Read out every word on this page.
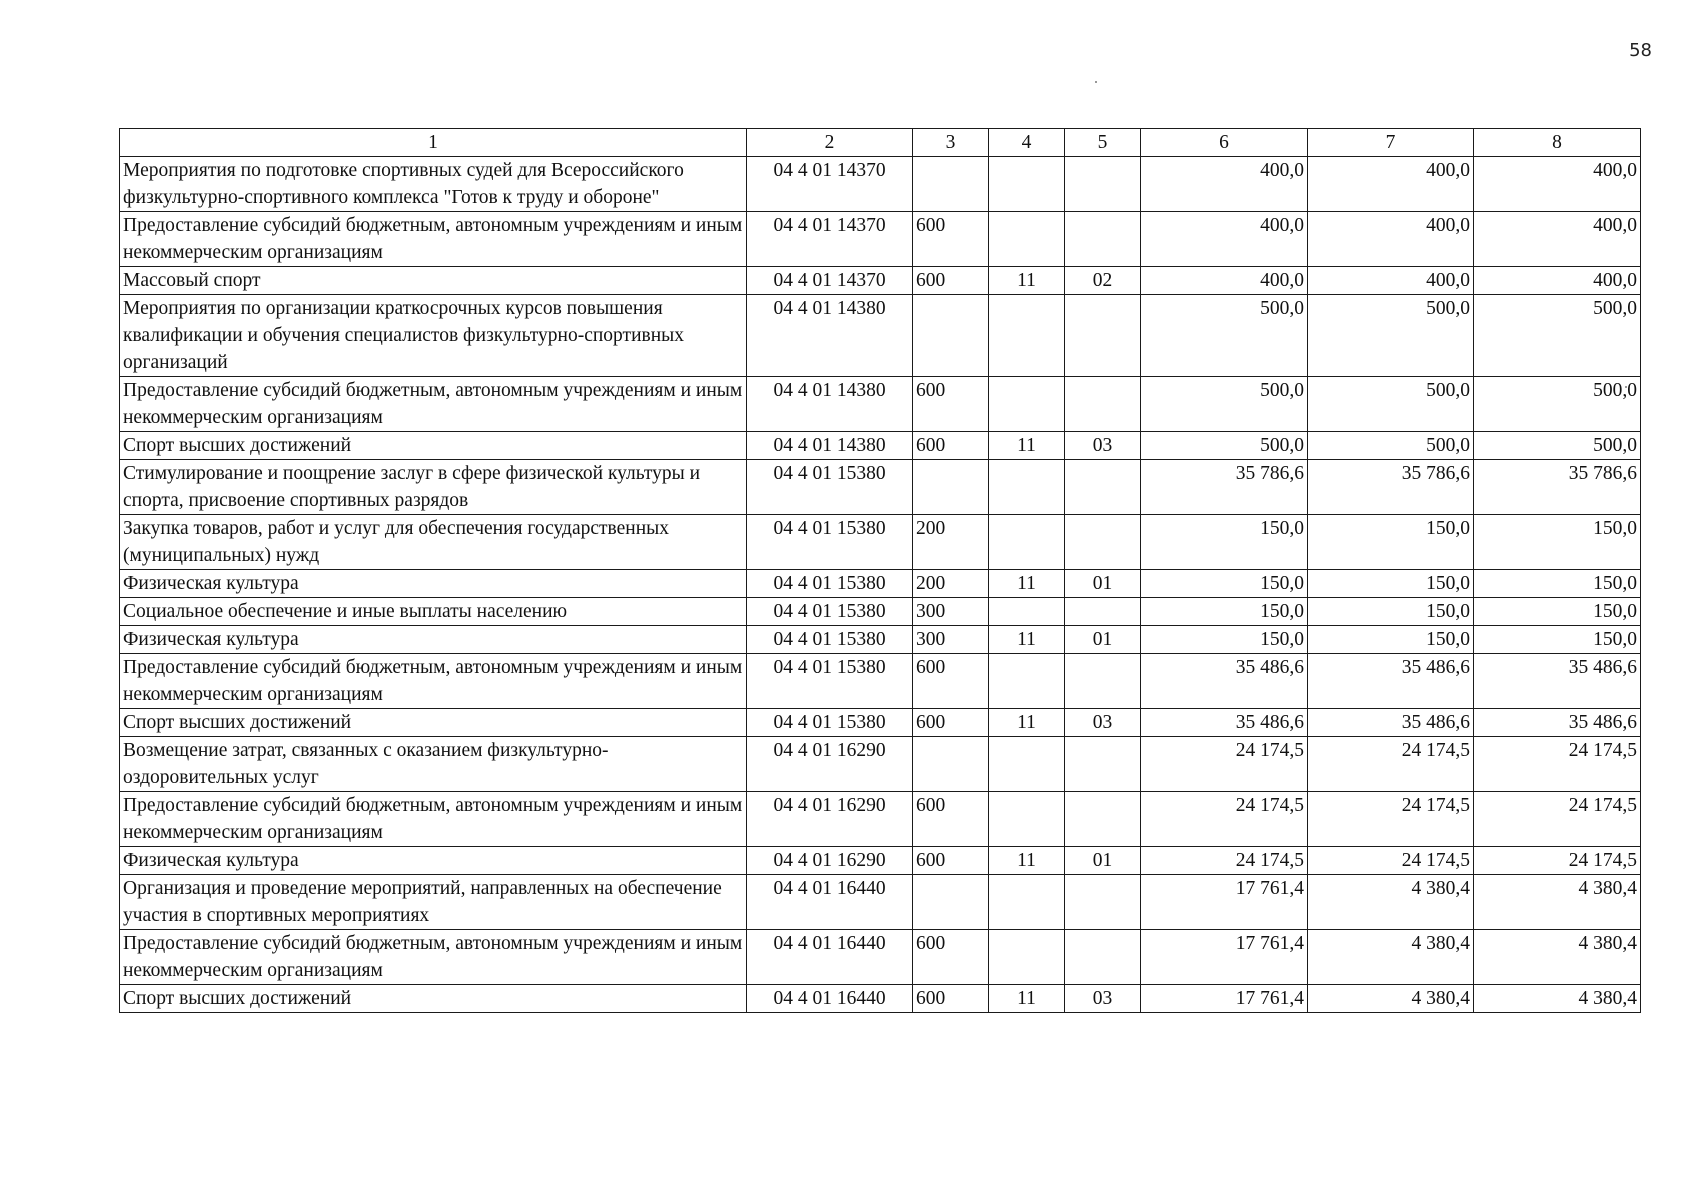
58
1	2	3	4	5	6	7	8
Мероприятия по подготовке спортивных судей для Всероссийского физкультурно-спортивного комплекса "Готов к труду и обороне"	04 4 01 14370				400,0	400,0	400,0
Предоставление субсидий бюджетным, автономным учреждениям и иным некоммерческим организациям	04 4 01 14370	600			400,0	400,0	400,0
Массовый спорт	04 4 01 14370	600	11	02	400,0	400,0	400,0
Мероприятия по организации краткосрочных курсов повышения квалификации и обучения специалистов физкультурно-спортивных организаций	04 4 01 14380				500,0	500,0	500,0
Предоставление субсидий бюджетным, автономным учреждениям и иным некоммерческим организациям	04 4 01 14380	600			500,0	500,0	500,0
Спорт высших достижений	04 4 01 14380	600	11	03	500,0	500,0	500,0
Стимулирование и поощрение заслуг в сфере физической культуры и спорта, присвоение спортивных разрядов	04 4 01 15380				35 786,6	35 786,6	35 786,6
Закупка товаров, работ и услуг для обеспечения государственных (муниципальных) нужд	04 4 01 15380	200			150,0	150,0	150,0
Физическая культура	04 4 01 15380	200	11	01	150,0	150,0	150,0
Социальное обеспечение и иные выплаты населению	04 4 01 15380	300			150,0	150,0	150,0
Физическая культура	04 4 01 15380	300	11	01	150,0	150,0	150,0
Предоставление субсидий бюджетным, автономным учреждениям и иным некоммерческим организациям	04 4 01 15380	600			35 486,6	35 486,6	35 486,6
Спорт высших достижений	04 4 01 15380	600	11	03	35 486,6	35 486,6	35 486,6
Возмещение затрат, связанных с оказанием физкультурно-оздоровительных услуг	04 4 01 16290				24 174,5	24 174,5	24 174,5
Предоставление субсидий бюджетным, автономным учреждениям и иным некоммерческим организациям	04 4 01 16290	600			24 174,5	24 174,5	24 174,5
Физическая культура	04 4 01 16290	600	11	01	24 174,5	24 174,5	24 174,5
Организация и проведение мероприятий, направленных на обеспечение участия в спортивных мероприятиях	04 4 01 16440				17 761,4	4 380,4	4 380,4
Предоставление субсидий бюджетным, автономным учреждениям и иным некоммерческим организациям	04 4 01 16440	600			17 761,4	4 380,4	4 380,4
Спорт высших достижений	04 4 01 16440	600	11	03	17 761,4	4 380,4	4 380,4
